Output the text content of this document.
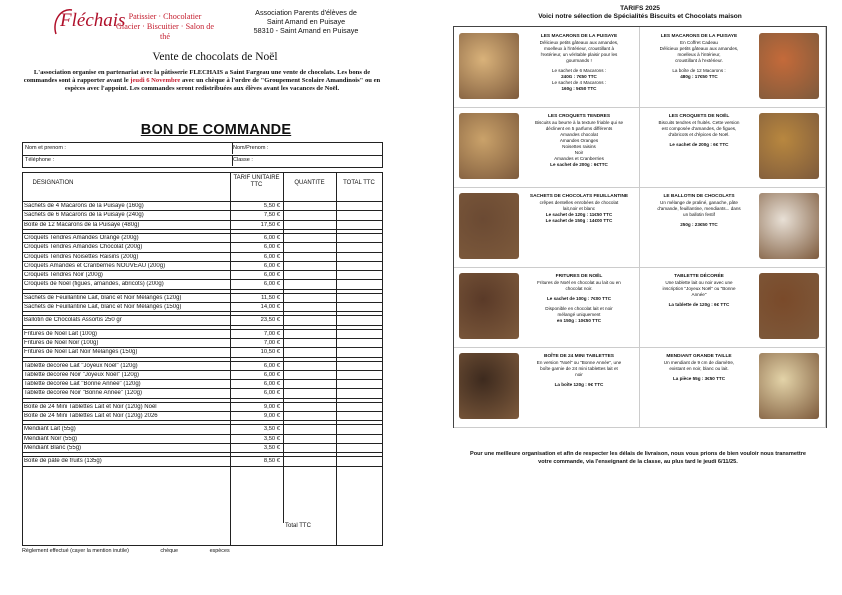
Fléchais Patissier · Chocolatier
Glacier · Biscuitier · Salon de thé
Association Parents d'élèves de
Saint Amand en Puisaye
58310 - Saint Amand en Puisaye
Vente de chocolats de Noël
L'association organise en partenariat avec la pâtisserie FLECHAIS a Saint Fargeau une vente de chocolats. Les bons de commandes sont à rapporter avant le jeudi 6 Novembre avec un chèque à l'ordre de "Groupement Scolaire Amandinois" ou en espèces avec l'appoint. Les commandes seront redistribuées aux élèves avant les vacances de Noël.
BON DE COMMANDE
Nom et prenom :	Nom/Prenom :
Téléphone :	Classe :
DESIGNATION
TARIF UNITAIRE TTC	QUANTITE	TOTAL TTC
Sachets de 4 Macarons de la Puisaye (160g)	5,50 €
Sachets de 6 Macarons de la Puisaye (240g)	7,50 €
Boîte de 12 Macarons de la Puisaye (480g)	17,50 €
Croquets Tendres Amandes Orange (200g)	6,00 €
Croquets Tendres Amandes Chocolat (200g)	6,00 €
Croquets Tendres Noisettes Raisins (200g)	6,00 €
Croquets Amandes et Cranberries NOUVEAU (200g)	6,00 €
Croquets Tendres Noir (200g)	6,00 €
Croquets de Noël (figues, amandes, abricots) (200g)	6,00 €
Sachets de Feuillantine Lait, blanc et Noir Mélangés (120g)	11,50 €
Sachets de Feuillantine Lait, blanc et Noir Mélangés (150g)	14,00 €
Ballotin de Chocolats Assortis 250 gr	23,50 €
Fritures de Noël Lait (100g)	7,00 €
Fritures de Noël Noir (100g)	7,00 €
Fritures de Noël Lait Noir Mélangés (150g)	10,50 €
Tablette décorée Lait "Joyeux Noël" (120g)	6,00 €
Tablette décorée Noir "Joyeux Noël" (120g)	6,00 €
Tablette décorée Lait "Bonne Année" (120g)	6,00 €
Tablette décorée Noir "Bonne Année" (120g)	6,00 €
Boîte de 24 Mini Tablettes Lait et Noir (120g) Noël	9,00 €
Boîte de 24 Mini Tablettes Lait et Noir (120g) 2026	9,00 €
Mendiant Lait (55g)	3,50 €
Mendiant Noir (55g)	3,50 €
Mendiant Blanc (55g)	3,50 €
Boîte de pâte de fruits (135g)	8,50 €
Total TTC
Règlement effectué (cayer la mention inutile)	chèque	espèces
TARIFS 2025
Voici notre sélection de Spécialités Biscuits et Chocolats maison
LES MACARONS DE LA PUISAYE
Délicieux petits gâteaux aux amandes,
moelleux à l'intérieur, croustillant à
l'extérieur, un véritable plaisir pour les
gourmands !
Le sachet de 6 Macarons :
240G : 7€50 TTC
Le sachet de 4 Macarons :
160g : 5€50 TTC
LES MACARONS DE LA PUISAYE
En Coffret Cadeau
Délicieux petits gâteaux aux amandes,
moelleux à l'intérieur,
croustillant à l'extérieur.
La boîte de 12 Macarons :
480g : 17€50 TTC
LES CROQUETS TENDRES
Biscuits au beurre à la texture friable qui se
déclinent en 5 parfums différents
Amandes chocolat
Amandes Oranges
Noisettes raisins
Noir
Amandes et Cranberries
Le sachet de 200g : 6€TTC
LES CROQUETS DE NOËL
Biscuits tendres et fruités. Cette version
est composée d'amandes, de figues,
d'abricots et d'épices de Noël.
Le sachet de 200g : 6€ TTC
SACHETS DE CHOCOLATS FEUILLANTINE
crêpes dentelles enrobées de chocolat
lait,noir et blanc
Le sachet de 120g : 11€50 TTC
Le sachet de 150g : 14€00 TTC
LE BALLOTIN DE CHOCOLATS
Un mélange de praliné, ganache, pâte
d'amande, feuillantine, mendiants... dans
un ballotin festif
250g : 23€50 TTC
FRITURES DE NOËL
Fritures de Noël en chocolat au lait ou en
chocolat noir.
Le sachet de 100g : 7€00 TTC
Disponible en chocolat lait et noir
mélangé uniquement
en 150g : 10€50 TTC
TABLETTE DÉCORÉE
Une tablette lait ou noir avec une
inscription "Joyeux Noël" ou "Bonne
Année"
La tablette de 120g : 6€ TTC
BOÎTE DE 24 MINI TABLETTES
En version "Noël" ou "Bonne Année", une
boîte garnie de 24 mini tablettes lait et
noir
La boîte 120g : 9€ TTC
MENDIANT GRANDE TAILLE
Un mendiant de 9 cm de diamètre,
existant en noir, blanc ou lait.
La pièce 55g : 3€50 TTC
Pour une meilleure organisation et afin de respecter les délais de livraison, nous vous prions de bien vouloir nous transmettre votre commande, via l'enseignant de la classe, au plus tard le jeudi 6/11/25.
